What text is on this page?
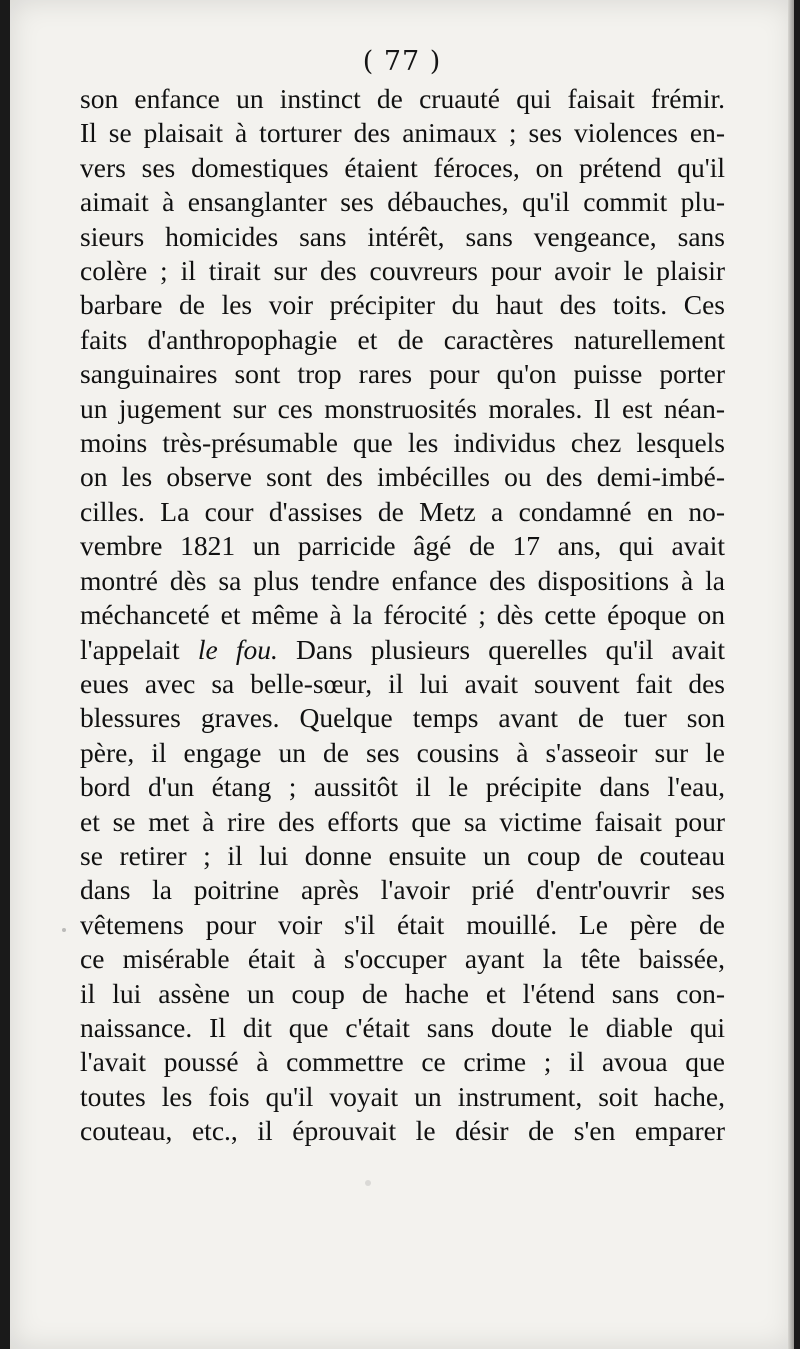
( 77 )
son enfance un instinct de cruauté qui faisait frémir.
Il se plaisait à torturer des animaux ; ses violences en-
vers ses domestiques étaient féroces, on prétend qu'il
aimait à ensanglanter ses débauches, qu'il commit plu-
sieurs homicides sans intérêt, sans vengeance, sans
colère ; il tirait sur des couvreurs pour avoir le plaisir
barbare de les voir précipiter du haut des toits. Ces
faits d'anthropophagie et de caractères naturellement
sanguinaires sont trop rares pour qu'on puisse porter
un jugement sur ces monstruosités morales. Il est néan-
moins très-présumable que les individus chez lesquels
on les observe sont des imbécilles ou des demi-imbé-
cilles. La cour d'assises de Metz a condamné en no-
vembre 1821 un parricide âgé de 17 ans, qui avait
montré dès sa plus tendre enfance des dispositions à la
méchanceté et même à la férocité ; dès cette époque on
l'appelait le fou. Dans plusieurs querelles qu'il avait
eues avec sa belle-sœur, il lui avait souvent fait des
blessures graves. Quelque temps avant de tuer son
père, il engage un de ses cousins à s'asseoir sur le
bord d'un étang ; aussitôt il le précipite dans l'eau,
et se met à rire des efforts que sa victime faisait pour
se retirer ; il lui donne ensuite un coup de couteau
dans la poitrine après l'avoir prié d'entr'ouvrir ses
vêtemens pour voir s'il était mouillé. Le père de
ce misérable était à s'occuper ayant la tête baissée,
il lui assène un coup de hache et l'étend sans con-
naissance. Il dit que c'était sans doute le diable qui
l'avait poussé à commettre ce crime ; il avoua que
toutes les fois qu'il voyait un instrument, soit hache,
couteau, etc., il éprouvait le désir de s'en emparer
